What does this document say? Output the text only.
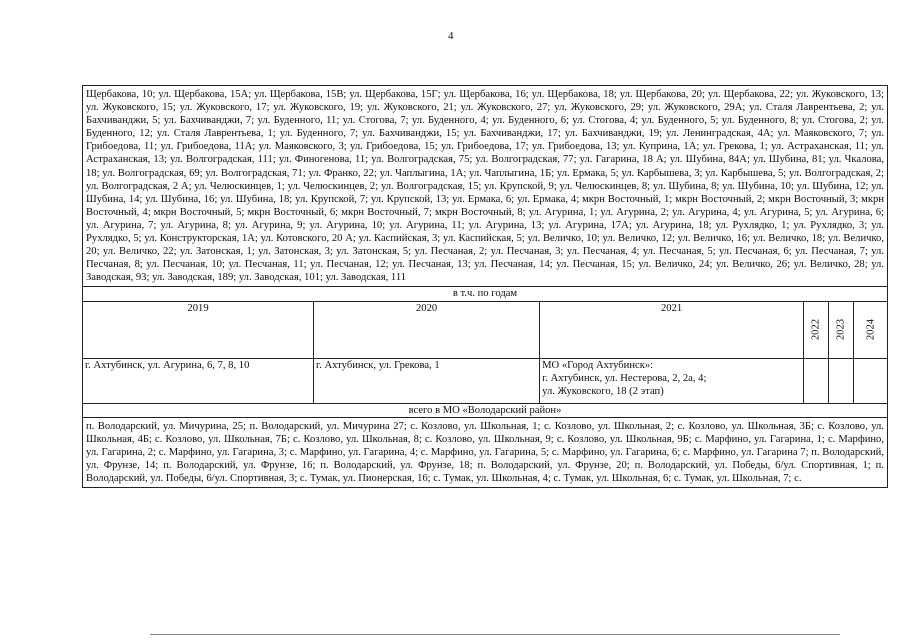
4
Щербакова, 10; ул. Щербакова, 15А; ул. Щербакова, 15В; ул. Щербакова, 15Г; ул. Щербакова, 16; ул. Щербакова, 18; ул. Щербакова, 20; ул. Щербакова, 22; ул. Жуковского, 13; ул. Жуковского, 15; ул. Жуковского, 17; ул. Жуковского, 19; ул. Жуковского, 21; ул. Жуковского, 27; ул. Жуковского, 29; ул. Жуковского, 29А; ул. Сталя Лаврентьева, 2; ул. Бахчиванджи, 5; ул. Бахчиванджи, 7; ул. Буденного, 11; ул. Стогова, 7; ул. Буденного, 4; ул. Буденного, 6; ул. Стогова, 4; ул. Буденного, 5; ул. Буденного, 8; ул. Стогова, 2; ул. Буденного, 12; ул. Сталя Лаврентьева, 1; ул. Буденного, 7; ул. Бахчиванджи, 15; ул. Бахчиванджи, 17; ул. Бахчиванджи, 19; ул. Ленинградская, 4А; ул. Маяковского, 7; ул. Грибоедова, 11; ул. Грибоедова, 11А; ул. Маяковского, 3; ул. Грибоедова, 15; ул. Грибоедова, 17; ул. Грибоедова, 13; ул. Куприна, 1А; ул. Грекова, 1; ул. Астраханская, 11; ул. Астраханская, 13; ул. Волгоградская, 111; ул. Финогенова, 11; ул. Волгоградская, 75; ул. Волгоградская, 77; ул. Гагарина, 18 А; ул. Шубина, 84А; ул. Шубина, 81; ул. Чкалова, 18; ул. Волгоградская, 69; ул. Волгоградская, 71; ул. Франко, 22; ул. Чаплыгина, 1А; ул. Чаплыгина, 1Б; ул. Ермака, 5; ул. Карбышева, 3; ул. Карбышева, 5; ул. Волгоградская, 2; ул. Волгоградская, 2 А; ул. Челюскинцев, 1; ул. Челюскинцев, 2; ул. Волгоградская, 15; ул. Крупской, 9; ул. Челюскинцев, 8; ул. Шубина, 8; ул. Шубина, 10; ул. Шубина, 12; ул. Шубина, 14; ул. Шубина, 16; ул. Шубина, 18; ул. Крупской, 7; ул. Крупской, 13; ул. Ермака, 6; ул. Ермака, 4; мкрн Восточный, 1; мкрн Восточный, 2; мкрн Восточный, 3; мкрн Восточный, 4; мкрн Восточный, 5; мкрн Восточный, 6; мкрн Восточный, 7; мкрн Восточный, 8; ул. Агурина, 1; ул. Агурина, 2; ул. Агурина, 4; ул. Агурина, 5; ул. Агурина, 6; ул. Агурина, 7; ул. Агурина, 8; ул. Агурина, 9; ул. Агурина, 10; ул. Агурина, 11; ул. Агурина, 13; ул. Агурина, 17А; ул. Агурина, 18; ул. Рухлядко, 1; ул. Рухлядко, 3; ул. Рухлядко, 5; ул. Конструкторская, 1А; ул. Котовского, 20 А; ул. Каспийская, 3; ул. Каспийская, 5; ул. Величко, 10; ул. Величко, 12; ул. Величко, 16; ул. Величко, 18; ул. Величко, 20; ул. Величко, 22; ул. Затонская, 1; ул. Затонская, 3; ул. Затонская, 5; ул. Песчаная, 2; ул. Песчаная, 3; ул. Песчаная, 4; ул. Песчаная, 5; ул. Песчаная, 6; ул. Песчаная, 7; ул. Песчаная, 8; ул. Песчаная, 10; ул. Песчаная, 11; ул. Песчаная, 12; ул. Песчаная, 13; ул. Песчаная, 14; ул. Песчаная, 15; ул. Величко, 24; ул. Величко, 26; ул. Величко, 28; ул. Заводская, 93; ул. Заводская, 189; ул. Заводская, 101; ул. Заводская, 111					
в т.ч. по годам					
2019	2020	2021	2022	2023	2024

г. Ахтубинск, ул. Агурина, 6, 7, 8, 10	г. Ахтубинск, ул. Грекова, 1	МО «Город Ахтубинск»:
г. Ахтубинск, ул. Нестерова, 2, 2а, 4;
ул. Жуковского, 18 (2 этап)			

всего в МО «Володарский район»					
п. Володарский, ул. Мичурина, 25; п. Володарский, ул. Мичурина 27; с. Козлово, ул. Школьная, 1; с. Козлово, ул. Школьная, 2; с. Козлово, ул. Школьная, 3Б; с. Козлово, ул. Школьная, 4Б; с. Козлово, ул. Школьная, 7Б; с. Козлово, ул. Школьная, 8; с. Козлово, ул. Школьная, 9; с. Козлово, ул. Школьная, 9Б; с. Марфино, ул. Гагарина, 1; с. Марфино, ул. Гагарина, 2; с. Марфино, ул. Гагарина, 3; с. Марфино, ул. Гагарина, 4; с. Марфино, ул. Гагарина, 5; с. Марфино, ул. Гагарина, 6; с. Марфино, ул. Гагарина 7; п. Володарский, ул. Фрунзе, 14; п. Володарский, ул. Фрунзе, 16; п. Володарский, ул. Фрунзе, 18; п. Володарский, ул. Фрунзе, 20; п. Володарский, ул. Победы, 6/ул. Спортивная, 1; п. Володарский, ул. Победы, 6/ул. Спортивная, 3; с. Тумак, ул. Пионерская, 16; с. Тумак, ул. Школьная, 4; с. Тумак, ул. Школьная, 6; с. Тумак, ул. Школьная, 7; с.					
